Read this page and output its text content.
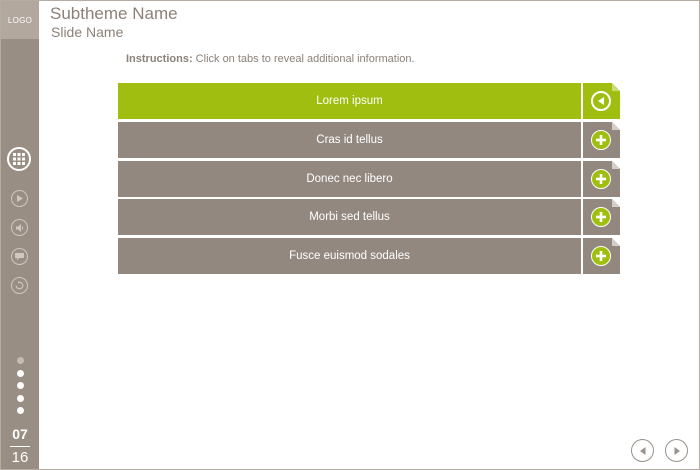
LOGO
07
16
Subtheme Name
Slide Name
Instructions: Click on tabs to reveal additional information.
Lorem ipsum
Cras id tellus
Donec nec libero
Morbi sed tellus
Fusce euismod sodales
